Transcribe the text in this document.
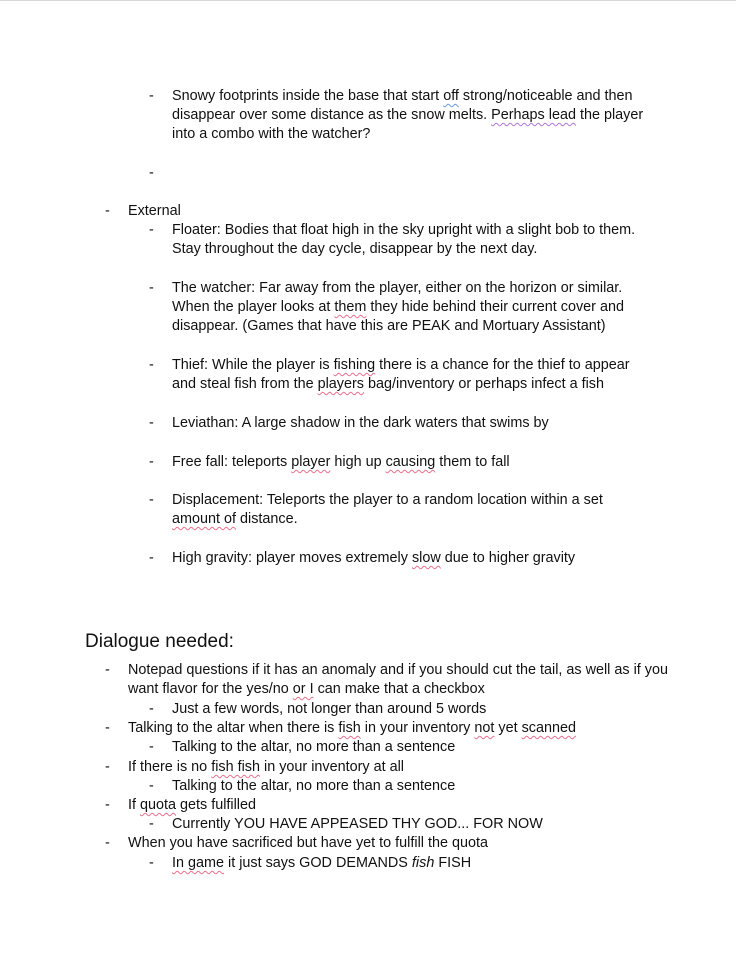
- Snowy footprints inside the base that start off strong/noticeable and then disappear over some distance as the snow melts. Perhaps lead the player into a combo with the watcher?
-
- External
- Floater: Bodies that float high in the sky upright with a slight bob to them. Stay throughout the day cycle, disappear by the next day.
- The watcher: Far away from the player, either on the horizon or similar. When the player looks at them they hide behind their current cover and disappear. (Games that have this are PEAK and Mortuary Assistant)
- Thief: While the player is fishing there is a chance for the thief to appear and steal fish from the players bag/inventory or perhaps infect a fish
- Leviathan: A large shadow in the dark waters that swims by
- Free fall: teleports player high up causing them to fall
- Displacement: Teleports the player to a random location within a set amount of distance.
- High gravity: player moves extremely slow due to higher gravity
Dialogue needed:
- Notepad questions if it has an anomaly and if you should cut the tail, as well as if you want flavor for the yes/no or I can make that a checkbox
- Just a few words, not longer than around 5 words
- Talking to the altar when there is fish in your inventory not yet scanned
- Talking to the altar, no more than a sentence
- If there is no fish fish in your inventory at all
- Talking to the altar, no more than a sentence
- If quota gets fulfilled
- Currently YOU HAVE APPEASED THY GOD... FOR NOW
- When you have sacrificed but have yet to fulfill the quota
- In game it just says GOD DEMANDS fish FISH
